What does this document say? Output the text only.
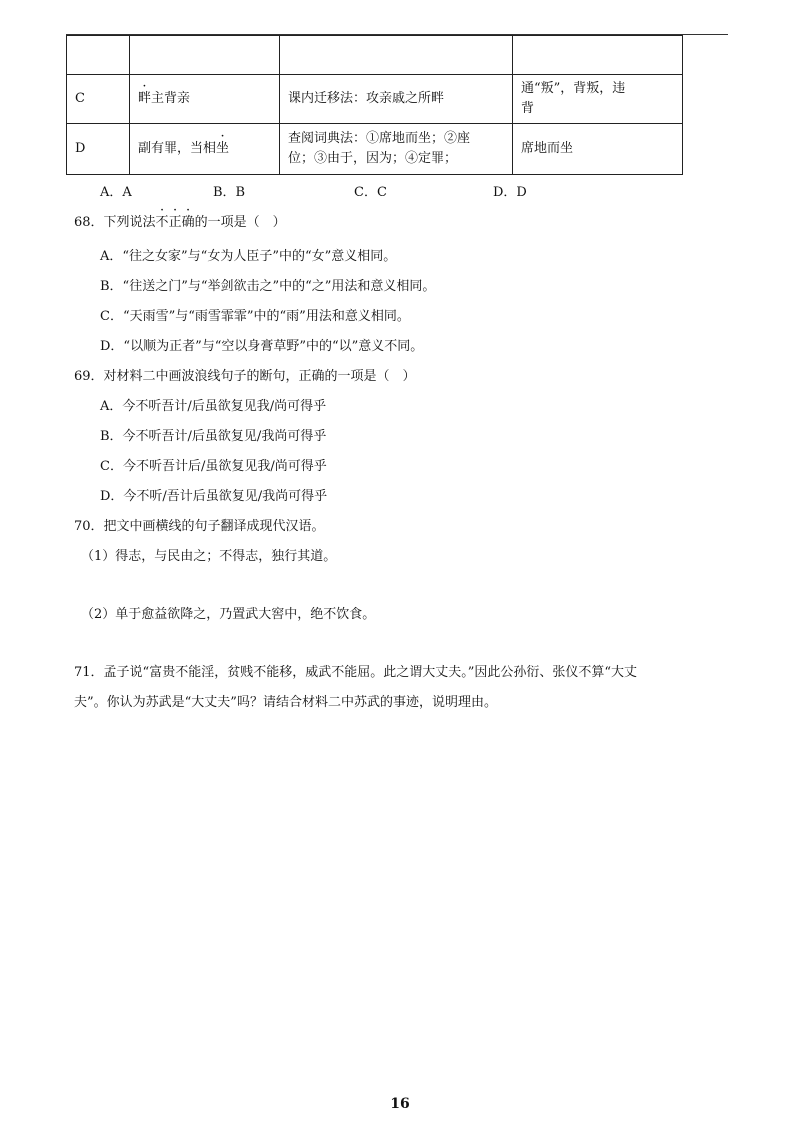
C	畔主背亲	课内迁移法：攻亲戚之所畔	通“叛”，背叛，违
背

D	副有罪，当相坐	查阅词典法：①席地而坐；②座
位；③由于，因为；④定罪；	席地而坐
A．A	B．B	C．C	D．D
68．下列说法不正确的一项是（　）
A．“往之女家”与“女为人臣子”中的“女”意义相同。
B．“往送之门”与“举剑欲击之”中的“之”用法和意义相同。
C．“天雨雪”与“雨雪霏霏”中的“雨”用法和意义相同。
D．“以顺为正者”与“空以身膏草野”中的“以”意义不同。
69．对材料二中画波浪线句子的断句，正确的一项是（　）
A．今不听吾计/后虽欲复见我/尚可得乎
B．今不听吾计/后虽欲复见/我尚可得乎
C．今不听吾计后/虽欲复见我/尚可得乎
D．今不听/吾计后虽欲复见/我尚可得乎
70．把文中画横线的句子翻译成现代汉语。
（1）得志，与民由之；不得志，独行其道。
（2）单于愈益欲降之，乃置武大窖中，绝不饮食。
71．孟子说“富贵不能淫，贫贱不能移，威武不能屈。此之谓大丈夫。”因此公孙衍、张仪不算“大丈
夫”。你认为苏武是“大丈夫”吗？请结合材料二中苏武的事迹，说明理由。
16
